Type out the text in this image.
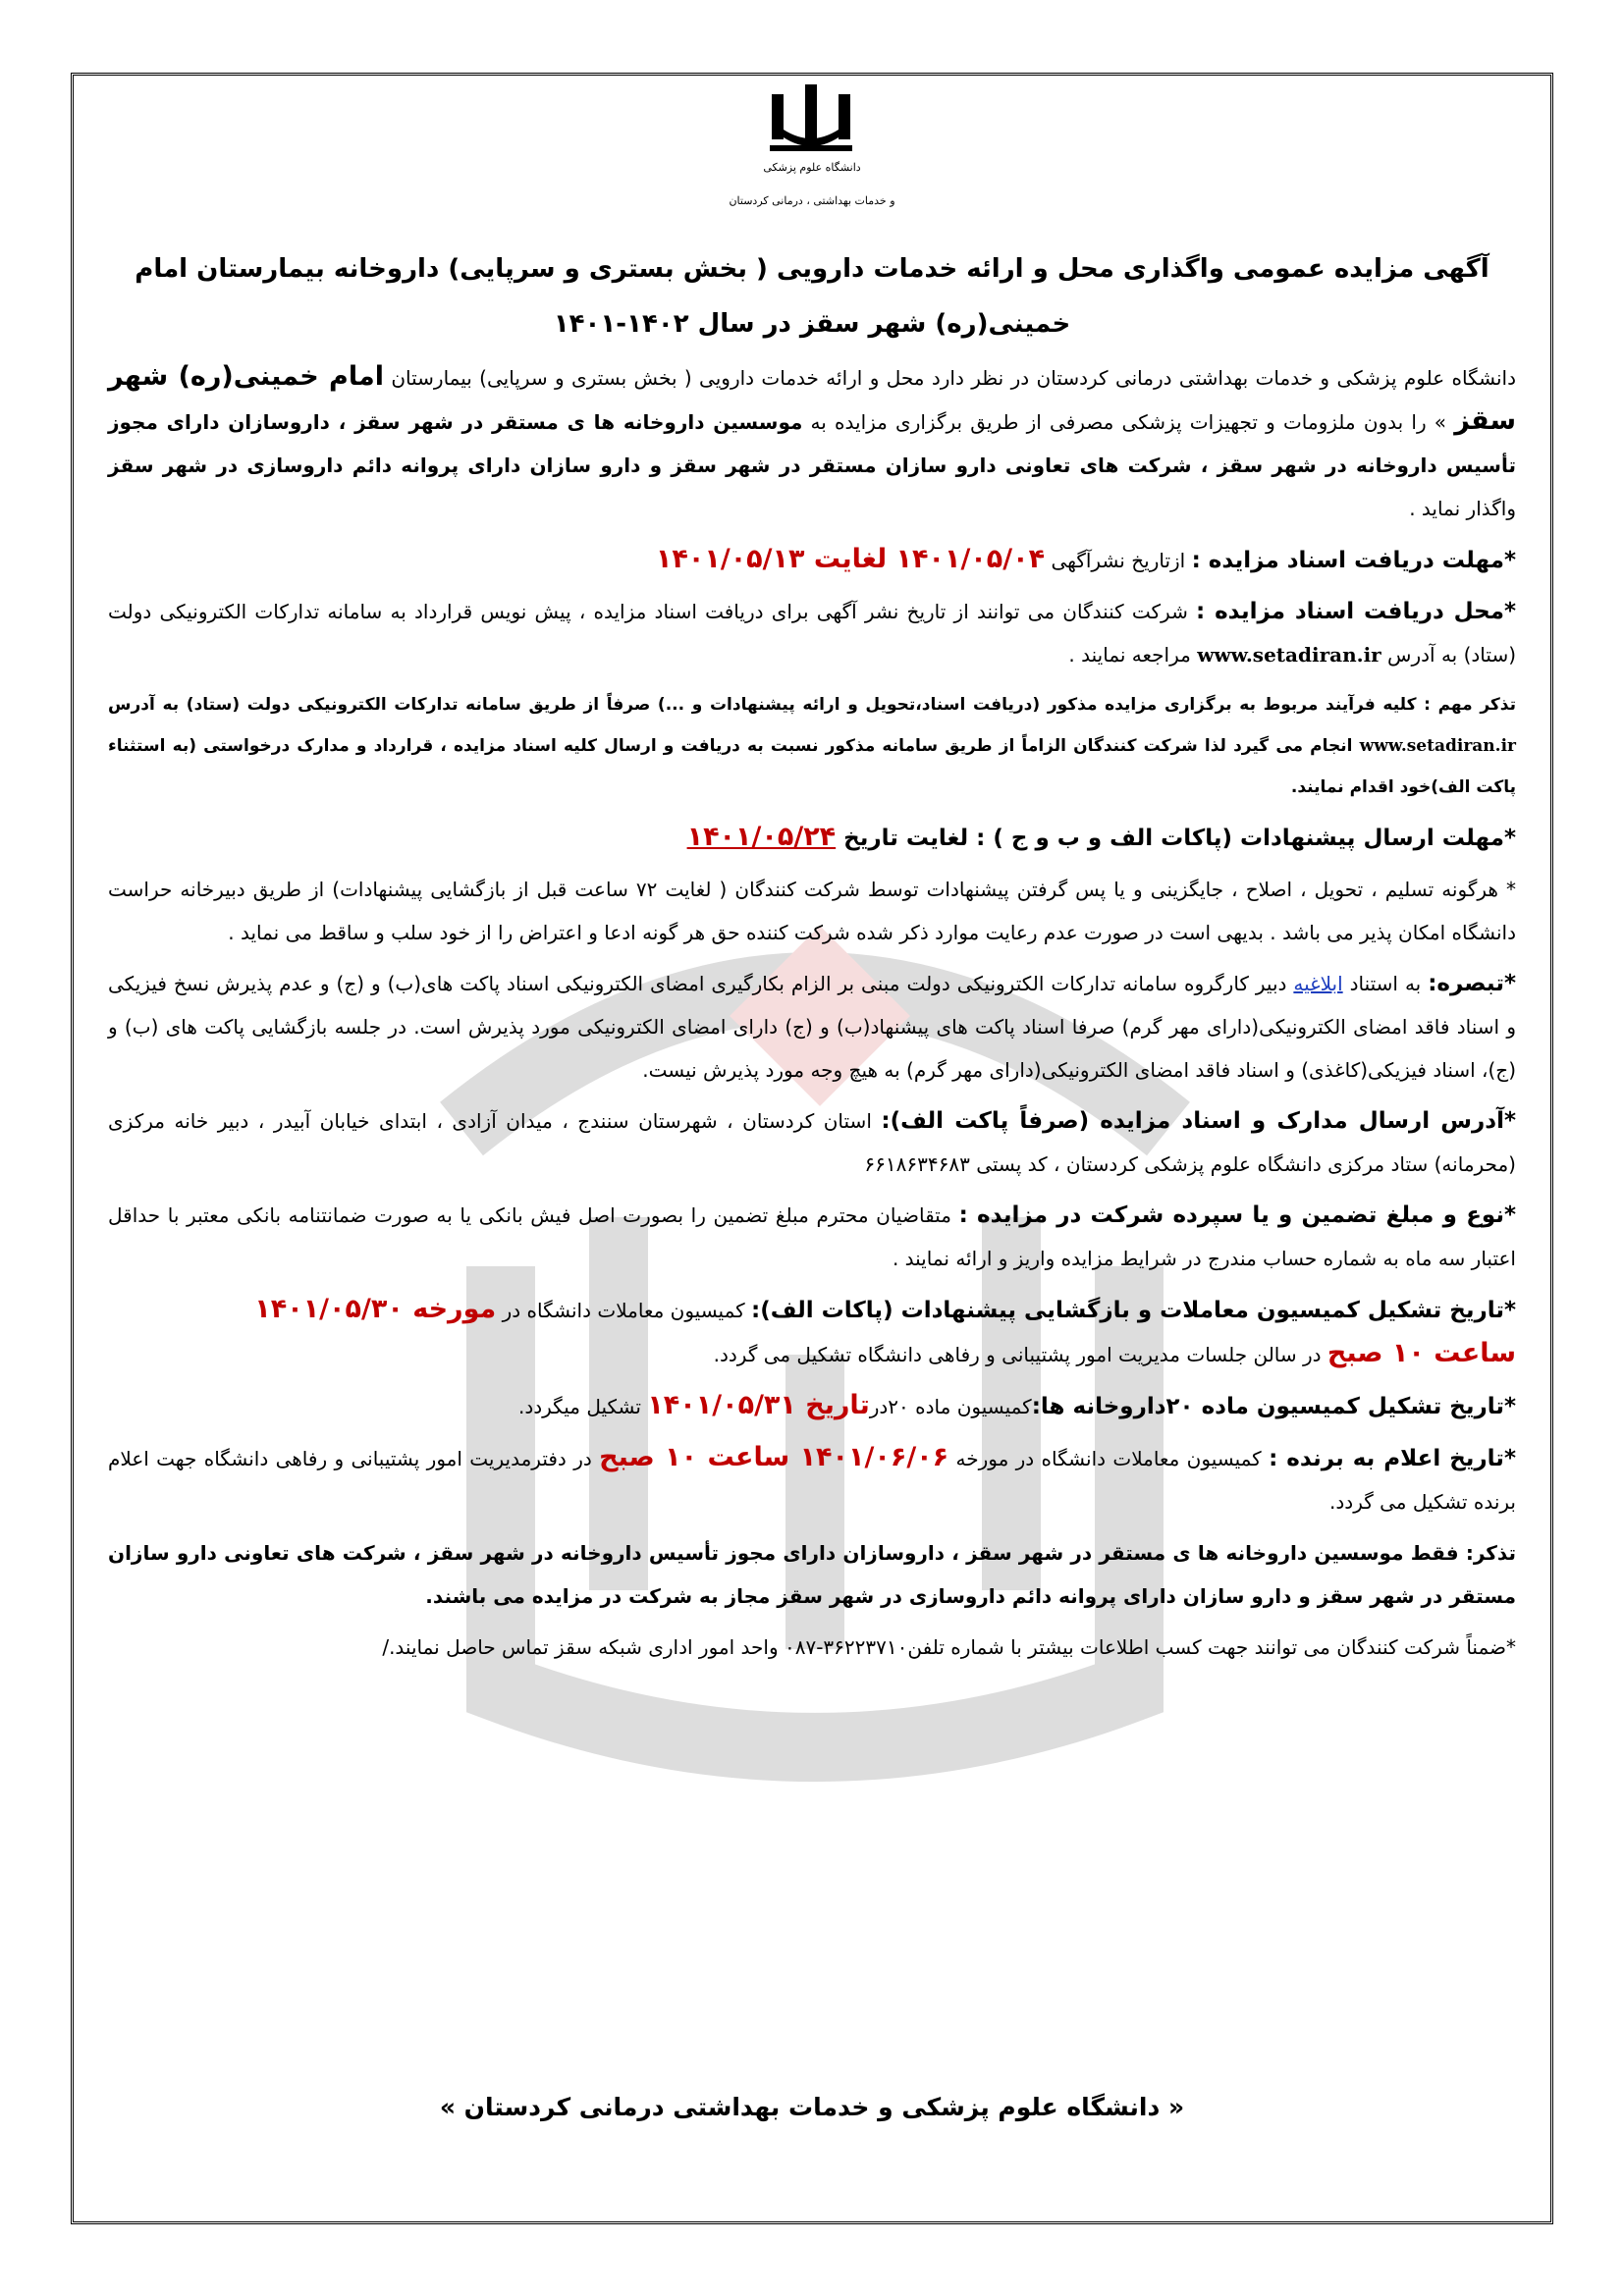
دانشگاه علوم پزشکی
و خدمات بهداشتی ، درمانی کردستان
آگهی مزایده عمومی واگذاری محل و ارائه خدمات دارویی ( بخش بستری و سرپایی) داروخانه بیمارستان امام
خمینی(ره) شهر سقز در سال ۱۴۰۲-۱۴۰۱

دانشگاه علوم پزشکی و خدمات بهداشتی درمانی کردستان در نظر دارد محل و ارائه خدمات دارویی ( بخش بستری و سرپایی) بیمارستان امام خمینی(ره) شهر سقز » را بدون ملزومات و تجهیزات پزشکی مصرفی از طریق برگزاری مزایده به موسسین داروخانه ها ی مستقر در شهر سقز ، داروسازان دارای مجوز تأسیس داروخانه در شهر سقز ، شرکت های تعاونی دارو سازان مستقر در شهر سقز و دارو سازان دارای پروانه دائم داروسازی در شهر سقز واگذار نماید .

*مهلت دریافت اسناد مزایده : ازتاریخ نشرآگهی ۱۴۰۱/۰۵/۰۴ لغایت ۱۴۰۱/۰۵/۱۳

*محل دریافت اسناد مزایده : شرکت کنندگان می توانند از تاریخ نشر آگهی برای دریافت اسناد مزایده ، پیش نویس قرارداد به سامانه تدارکات الکترونیکی دولت (ستاد) به آدرس www.setadiran.ir مراجعه نمایند .

تذکر مهم : کلیه فرآیند مربوط به برگزاری مزایده مذکور (دریافت اسناد،تحویل و ارائه پیشنهادات و ...) صرفاً از طریق سامانه تدارکات الکترونیکی دولت (ستاد) به آدرس www.setadiran.ir انجام می گیرد لذا شرکت کنندگان الزاماً از طریق سامانه مذکور نسبت به دریافت و ارسال کلیه اسناد مزایده ، قرارداد و مدارک درخواستی (به استثناء پاکت الف)خود اقدام نمایند.

*مهلت ارسال پیشنهادات (پاکات الف و ب و ج ) : لغایت تاریخ ۱۴۰۱/۰۵/۲۴

* هرگونه تسلیم ، تحویل ، اصلاح ، جایگزینی و یا پس گرفتن پیشنهادات توسط شرکت کنندگان ( لغایت ۷۲ ساعت قبل از بازگشایی پیشنهادات) از طریق دبیرخانه حراست دانشگاه امکان پذیر می باشد . بدیهی است در صورت عدم رعایت موارد ذکر شده شرکت کننده حق هر گونه ادعا و اعتراض را از خود سلب و ساقط می نماید .

*تبصره: به استناد ابلاغیه دبیر کارگروه سامانه تدارکات الکترونیکی دولت مبنی بر الزام بکارگیری امضای الکترونیکی اسناد پاکت های(ب) و (ج) و عدم پذیرش نسخ فیزیکی و اسناد فاقد امضای الکترونیکی(دارای مهر گرم) صرفا اسناد پاکت های پیشنهاد(ب) و (ج) دارای امضای الکترونیکی مورد پذیرش است. در جلسه بازگشایی پاکت های (ب) و (ج)، اسناد فیزیکی(کاغذی) و اسناد فاقد امضای الکترونیکی(دارای مهر گرم) به هیچ وجه مورد پذیرش نیست.

*آدرس ارسال مدارک و اسناد مزایده (صرفاً پاکت الف): استان کردستان ، شهرستان سنندج ، میدان آزادی ، ابتدای خیابان آبیدر ، دبیر خانه مرکزی (محرمانه) ستاد مرکزی دانشگاه علوم پزشکی کردستان ، کد پستی ۶۶۱۸۶۳۴۶۸۳

*نوع و مبلغ تضمین و یا سپرده شرکت در مزایده : متقاضیان محترم مبلغ تضمین را بصورت اصل فیش بانکی یا به صورت ضمانتنامه بانکی معتبر با حداقل اعتبار سه ماه به شماره حساب مندرج در شرایط مزایده واریز و ارائه نمایند .

*تاریخ تشکیل کمیسیون معاملات و بازگشایی پیشنهادات (پاکات الف): کمیسیون معاملات دانشگاه در مورخه ۱۴۰۱/۰۵/۳۰
ساعت ۱۰ صبح در سالن جلسات مدیریت امور پشتیبانی و رفاهی دانشگاه تشکیل می گردد.

*تاریخ تشکیل کمیسیون ماده ۲۰داروخانه ها:کمیسیون ماده ۲۰درتاریخ ۱۴۰۱/۰۵/۳۱ تشکیل میگردد.

*تاریخ اعلام به برنده : کمیسیون معاملات دانشگاه در مورخه ۱۴۰۱/۰۶/۰۶ ساعت ۱۰ صبح در دفترمدیریت امور پشتیبانی و رفاهی دانشگاه جهت اعلام برنده تشکیل می گردد.

تذکر: فقط موسسین داروخانه ها ی مستقر در شهر سقز ، داروسازان دارای مجوز تأسیس داروخانه در شهر سقز ، شرکت های تعاونی دارو سازان مستقر در شهر سقز و دارو سازان دارای پروانه دائم داروسازی در شهر سقز مجاز به شرکت در مزایده می باشند.

*ضمناً شرکت کنندگان می توانند جهت کسب اطلاعات بیشتر با شماره تلفن۳۶۲۲۳۷۱۰-۰۸۷ واحد امور اداری شبکه سقز تماس حاصل نمایند./

« دانشگاه علوم پزشکی و خدمات بهداشتی درمانی کردستان »
